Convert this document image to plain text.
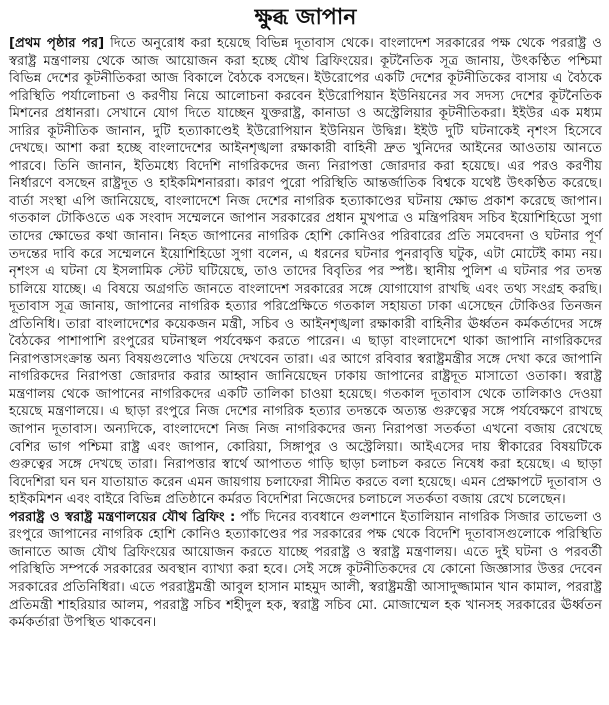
ক্ষুব্ধ জাপান

[প্রথম পৃষ্ঠার পর] দিতে অনুরোধ করা হয়েছে বিভিন্ন দূতাবাস থেকে। বাংলাদেশ সরকারের পক্ষ থেকে পররাষ্ট্র ও স্বরাষ্ট্র মন্ত্রণালয় থেকে আজ আয়োজন করা হচ্ছে যৌথ ব্রিফিংয়ের। কূটনৈতিক সূত্র জানায়, উৎকণ্ঠিত পশ্চিমা বিভিন্ন দেশের কূটনীতিকরা আজ বিকালে বৈঠকে বসছেন। ইউরোপের একটি দেশের কূটনীতিকের বাসায় এ বৈঠকে পরিস্থিতি পর্যালোচনা ও করণীয় নিয়ে আলোচনা করবেন ইউরোপিয়ান ইউনিয়নের সব সদস্য দেশের কূটনৈতিক মিশনের প্রধানরা। সেখানে যোগ দিতে যাচ্ছেন যুক্তরাষ্ট্র, কানাডা ও অস্ট্রেলিয়ার কূটনীতিকরা। ইইউর এক মধ্যম সারির কূটনীতিক জানান, দুটি হত্যাকাণ্ডেই ইউরোপিয়ান ইউনিয়ন উদ্বিগ্ন। ইইউ দুটি ঘটনাকেই নৃশংস হিসেবে দেখছে। আশা করা হচ্ছে বাংলাদেশের আইনশৃঙ্খলা রক্ষাকারী বাহিনী দ্রুত খুনিদের আইনের আওতায় আনতে পারবে। তিনি জানান, ইতিমধ্যে বিদেশি নাগরিকদের জন্য নিরাপত্তা জোরদার করা হয়েছে। এর পরও করণীয় নির্ধারণে বসছেন রাষ্ট্রদূত ও হাইকমিশনাররা। কারণ পুরো পরিস্থিতি আন্তর্জাতিক বিশ্বকে যথেষ্ট উৎকণ্ঠিত করেছে। বার্তা সংস্থা এপি জানিয়েছে, বাংলাদেশে নিজ দেশের নাগরিক হত্যাকাণ্ডের ঘটনায় ক্ষোভ প্রকাশ করেছে জাপান। গতকাল টোকিওতে এক সংবাদ সম্মেলনে জাপান সরকারের প্রধান মুখপাত্র ও মন্ত্রিপরিষদ সচিব ইয়োশিহিডো সুগা তাদের ক্ষোভের কথা জানান। নিহত জাপানের নাগরিক হোশি কোনিওর পরিবারের প্রতি সমবেদনা ও ঘটনার পূর্ণ তদন্তের দাবি করে সম্মেলনে ইয়োশিহিডো সুগা বলেন, এ ধরনের ঘটনার পুনরাবৃত্তি ঘটুক, এটা মোটেই কাম্য নয়। নৃশংস এ ঘটনা যে ইসলামিক স্টেট ঘটিয়েছে, তাও তাদের বিবৃতির পর স্পষ্ট। স্থানীয় পুলিশ এ ঘটনার পর তদন্ত চালিয়ে যাচ্ছে। এ বিষয়ে অগ্রগতি জানতে বাংলাদেশ সরকারের সঙ্গে যোগাযোগ রাখছি এবং তথ্য সংগ্রহ করছি। দূতাবাস সূত্র জানায়, জাপানের নাগরিক হত্যার পরিপ্রেক্ষিতে গতকাল সহায়তা ঢাকা এসেছেন টোকিওর তিনজন প্রতিনিধি। তারা বাংলাদেশের কয়েকজন মন্ত্রী, সচিব ও আইনশৃঙ্খলা রক্ষাকারী বাহিনীর ঊর্ধ্বতন কর্মকর্তাদের সঙ্গে বৈঠকের পাশাপাশি রংপুরের ঘটনাস্থল পর্যবেক্ষণ করতে পারেন। এ ছাড়া বাংলাদেশে থাকা জাপানি নাগরিকদের নিরাপত্তাসংক্রান্ত অন্য বিষয়গুলোও খতিয়ে দেখবেন তারা। এর আগে রবিবার স্বরাষ্ট্রমন্ত্রীর সঙ্গে দেখা করে জাপানি নাগরিকদের নিরাপত্তা জোরদার করার আহ্বান জানিয়েছেন ঢাকায় জাপানের রাষ্ট্রদূত মাসাতো ওতাকা। স্বরাষ্ট্র মন্ত্রণালয় থেকে জাপানের নাগরিকদের একটি তালিকা চাওয়া হয়েছে। গতকাল দূতাবাস থেকে তালিকাও দেওয়া হয়েছে মন্ত্রণালয়ে। এ ছাড়া রংপুরে নিজ দেশের নাগরিক হত্যার তদন্তকে অত্যন্ত গুরুত্বের সঙ্গে পর্যবেক্ষণে রাখছে জাপান দূতাবাস। অন্যদিকে, বাংলাদেশে নিজ নিজ নাগরিকদের জন্য নিরাপত্তা সতর্কতা এখনো বজায় রেখেছে বেশির ভাগ পশ্চিমা রাষ্ট্র এবং জাপান, কোরিয়া, সিঙ্গাপুর ও অস্ট্রেলিয়া। আইএসের দায় স্বীকারের বিষয়টিকে গুরুত্বের সঙ্গে দেখছে তারা। নিরাপত্তার স্বার্থে আপাতত গাড়ি ছাড়া চলাচল করতে নিষেধ করা হয়েছে। এ ছাড়া বিদেশিরা ঘন ঘন যাতায়াত করেন এমন জায়গায় চলাফেরা সীমিত করতে বলা হয়েছে। এমন প্রেক্ষাপটে দূতাবাস ও হাইকমিশন এবং বাইরে বিভিন্ন প্রতিষ্ঠানে কর্মরত বিদেশিরা নিজেদের চলাচলে সতর্কতা বজায় রেখে চলেছেন।

পররাষ্ট্র ও স্বরাষ্ট্র মন্ত্রণালয়ের যৌথ ব্রিফিং : পাঁচ দিনের ব্যবধানে গুলশানে ইতালিয়ান নাগরিক সিজার তাভেলা ও রংপুরে জাপানের নাগরিক হোশি কোনিও হত্যাকাণ্ডের পর সরকারের পক্ষ থেকে বিদেশি দূতাবাসগুলোকে পরিস্থিতি জানাতে আজ যৌথ ব্রিফিংয়ের আয়োজন করতে যাচ্ছে পররাষ্ট্র ও স্বরাষ্ট্র মন্ত্রণালয়। এতে দুই ঘটনা ও পরবর্তী পরিস্থিতি সম্পর্কে সরকারের অবস্থান ব্যাখ্যা করা হবে। সেই সঙ্গে কূটনীতিকদের যে কোনো জিজ্ঞাসার উত্তর দেবেন সরকারের প্রতিনিধিরা। এতে পররাষ্ট্রমন্ত্রী আবুল হাসান মাহমুদ আলী, স্বরাষ্ট্রমন্ত্রী আসাদুজ্জামান খান কামাল, পররাষ্ট্র প্রতিমন্ত্রী শাহরিয়ার আলম, পররাষ্ট্র সচিব শহীদুল হক, স্বরাষ্ট্র সচিব মো. মোজাম্মেল হক খানসহ সরকারের ঊর্ধ্বতন কর্মকর্তারা উপস্থিত থাকবেন।
